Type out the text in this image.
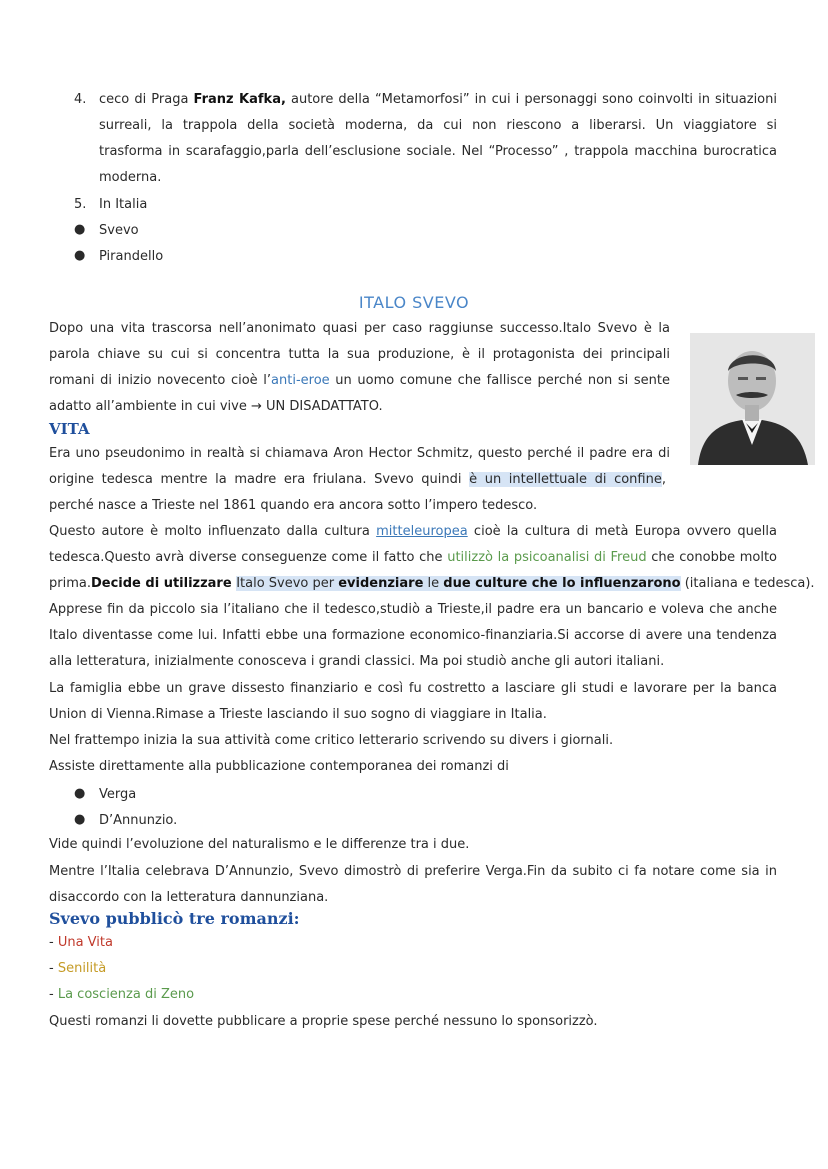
4. ceco di Praga Franz Kafka, autore della “Metamorfosi” in cui i personaggi sono coinvolti in situazioni
surreali, la trappola della società moderna, da cui non riescono a liberarsi. Un viaggiatore si
trasforma in scarafaggio,parla dell’esclusione sociale. Nel “Processo” , trappola macchina burocratica
moderna.
5. In Italia
● Svevo
● Pirandello
ITALO SVEVO
Dopo una vita trascorsa nell’anonimato quasi per caso raggiunse successo.Italo Svevo è la
parola chiave su cui si concentra tutta la sua produzione, è il protagonista dei principali
romani di inizio novecento cioè l’anti-eroe un uomo comune che fallisce perché non si sente
adatto all’ambiente in cui vive → UN DISADATTATO.
VITA
Era uno pseudonimo in realtà si chiamava Aron Hector Schmitz, questo perché il padre era di
origine tedesca mentre la madre era friulana. Svevo quindi è un intellettuale di confine,
perché nasce a Trieste nel 1861 quando era ancora sotto l’impero tedesco.
Questo autore è molto influenzato dalla cultura mitteleuropea cioè la cultura di metà Europa ovvero quella
tedesca.Questo avrà diverse conseguenze come il fatto che utilizzò la psicoanalisi di Freud che conobbe molto
prima.Decide di utilizzare Italo Svevo per evidenziare le due culture che lo influenzarono (italiana e tedesca).
Apprese fin da piccolo sia l’italiano che il tedesco,studiò a Trieste,il padre era un bancario e voleva che anche
Italo diventasse come lui. Infatti ebbe una formazione economico-finanziaria.Si accorse di avere una tendenza
alla letteratura, inizialmente conosceva i grandi classici. Ma poi studiò anche gli autori italiani.
La famiglia ebbe un grave dissesto finanziario e così fu costretto a lasciare gli studi e lavorare per la banca
Union di Vienna.Rimase a Trieste lasciando il suo sogno di viaggiare in Italia.
Nel frattempo inizia la sua attività come critico letterario scrivendo su divers i giornali.
Assiste direttamente alla pubblicazione contemporanea dei romanzi di
● Verga
● D’Annunzio.
Vide quindi l’evoluzione del naturalismo e le differenze tra i due.
Mentre l’Italia celebrava D’Annunzio, Svevo dimostrò di preferire Verga.Fin da subito ci fa notare come sia in
disaccordo con la letteratura dannunziana.
Svevo pubblicò tre romanzi:
- Una Vita
- Senilità
- La coscienza di Zeno
Questi romanzi li dovette pubblicare a proprie spese perché nessuno lo sponsorizzò.
